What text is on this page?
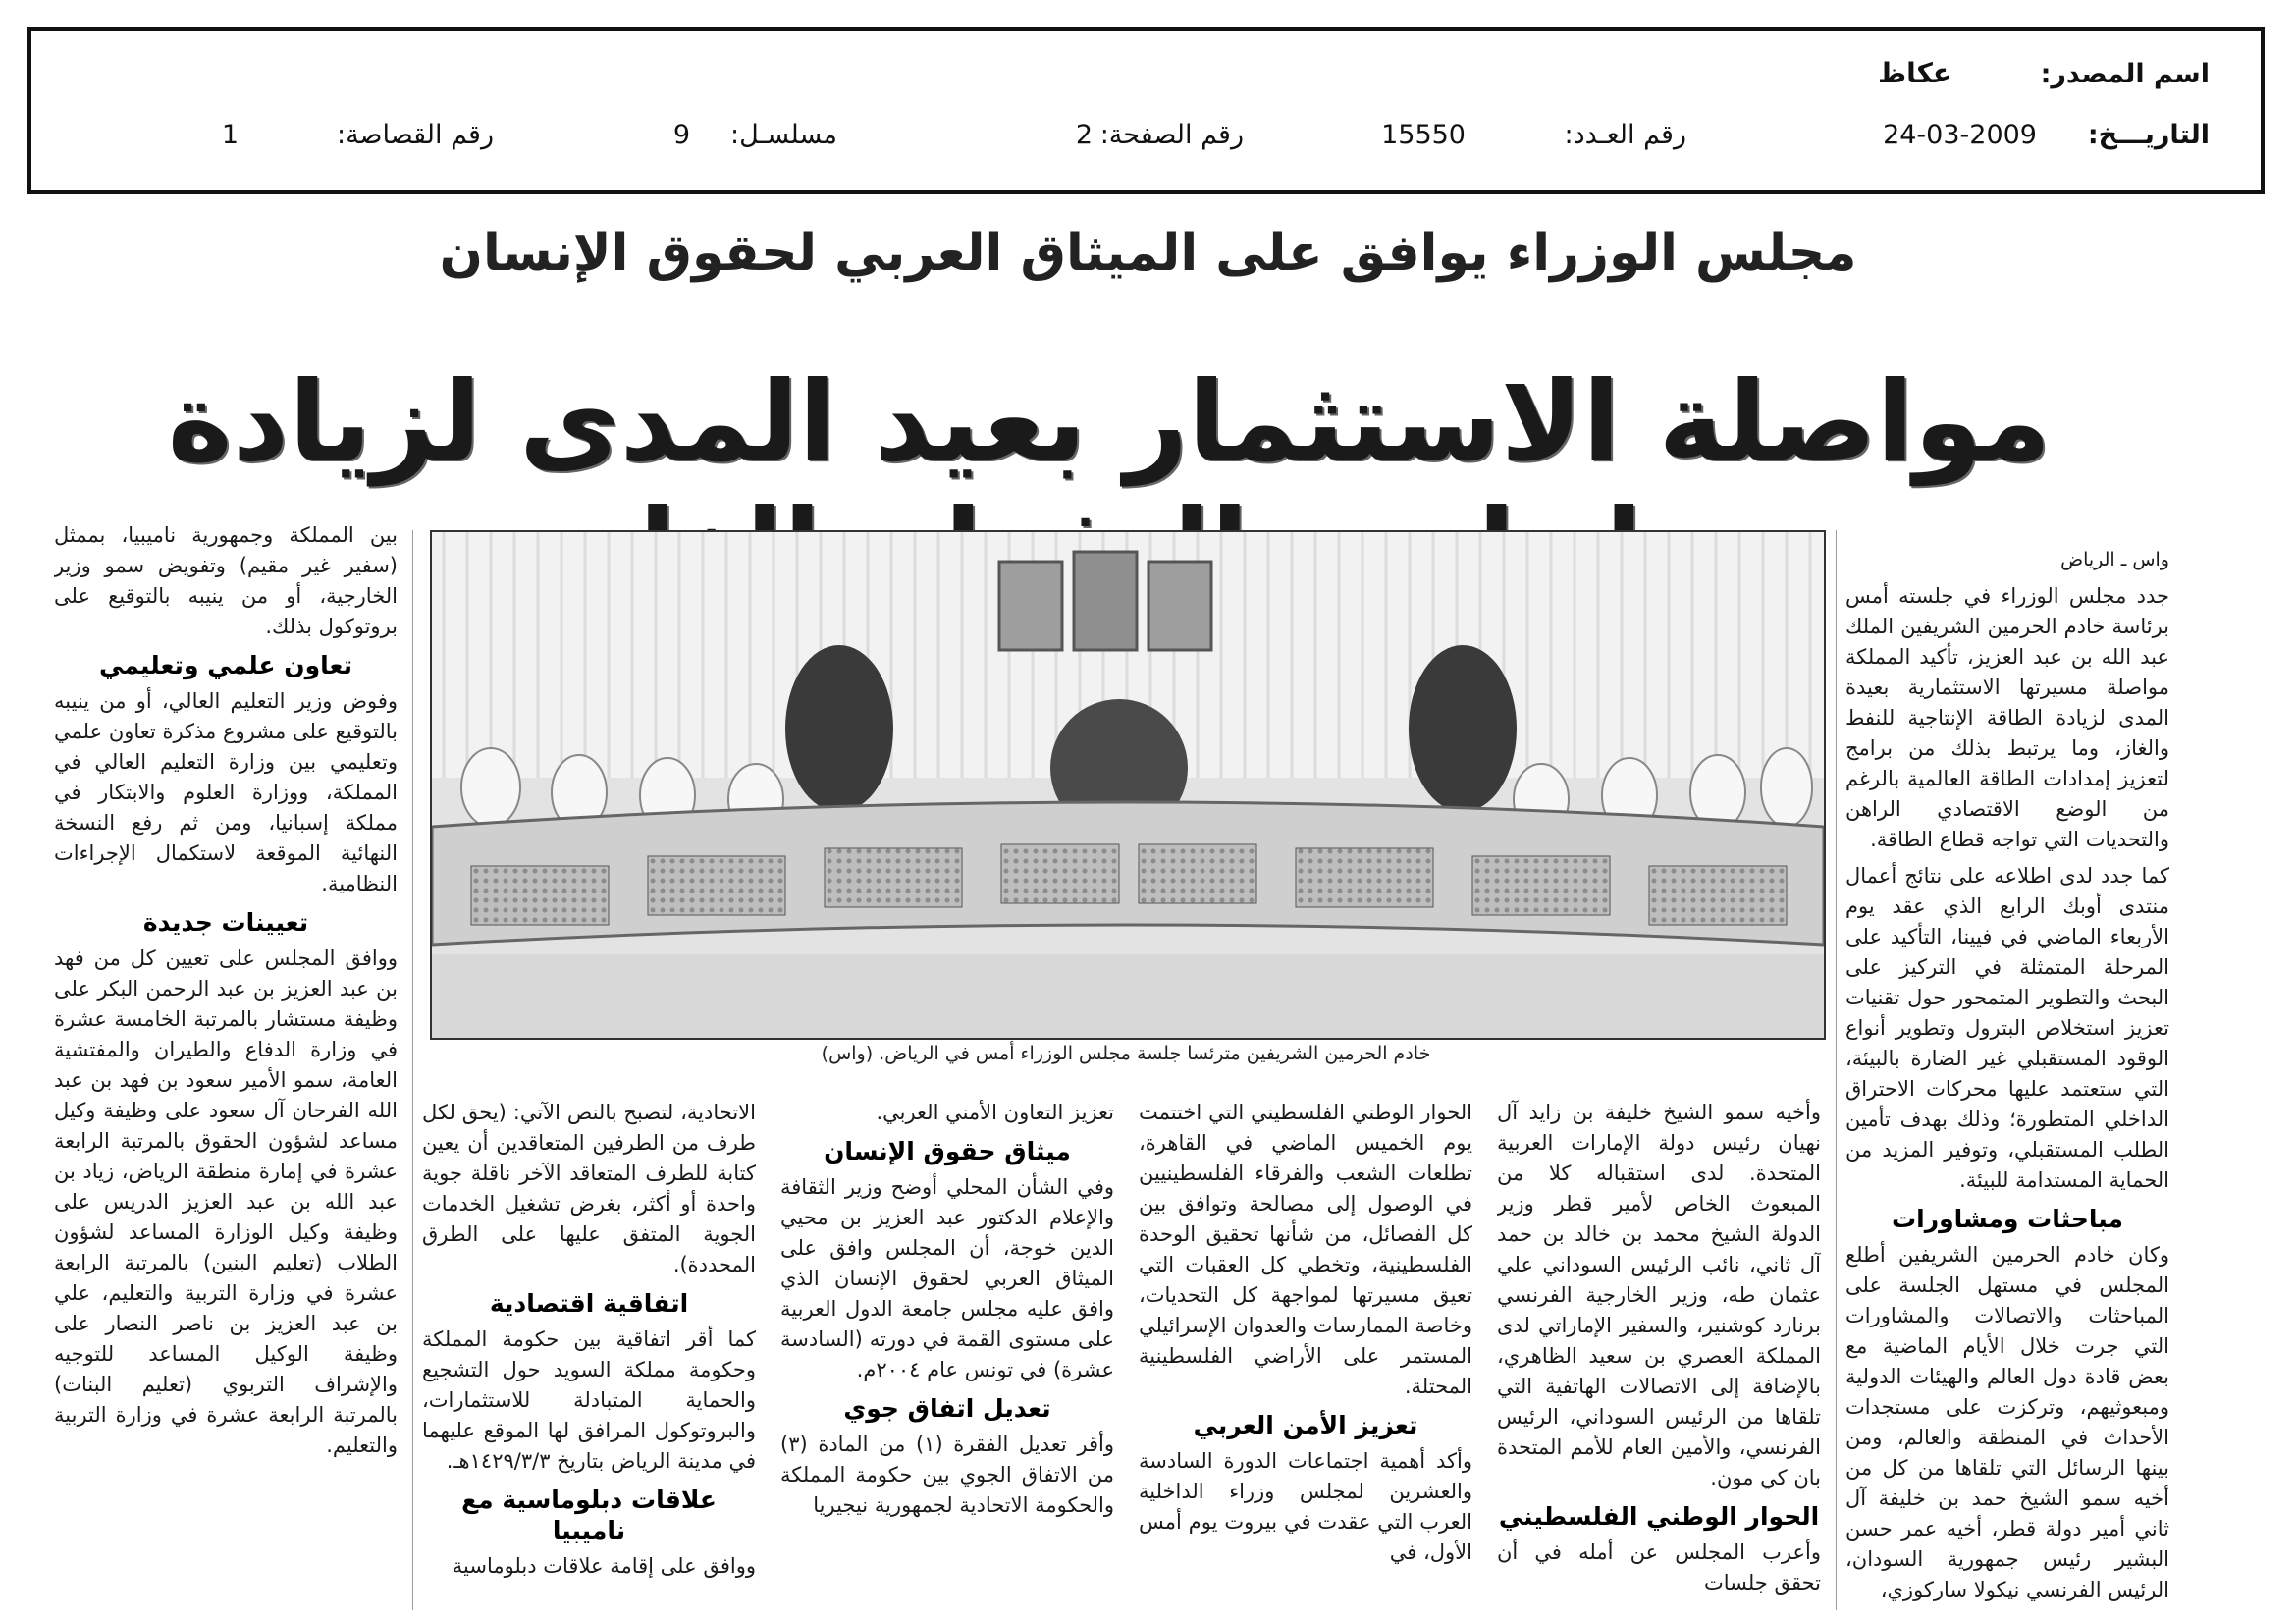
اسم المصدر:
عكاظ
التاريـــخ:
24-03-2009
رقم العـدد:
15550
رقم الصفحة:
2
مسلسـل:
9
رقم القصاصة:
1
مجلس الوزراء يوافق على الميثاق العربي لحقوق الإنسان
مواصلة الاستثمار بعيد المدى لزيادة
خادم الحرمين الشريفين مترئسا جلسة مجلس الوزراء أمس في الرياض. (واس)

واس ـ الرياض

جدد مجلس الوزراء في جلسته أمس برئاسة خادم الحرمين الشريفين الملك عبد الله بن عبد العزيز، تأكيد المملكة مواصلة مسيرتها الاستثمارية بعيدة المدى لزيادة الطاقة الإنتاجية للنفط والغاز، وما يرتبط بذلك من برامج لتعزيز إمدادات الطاقة العالمية بالرغم من الوضع الاقتصادي الراهن والتحديات التي تواجه قطاع الطاقة.

كما جدد لدى اطلاعه على نتائج أعمال منتدى أوبك الرابع الذي عقد يوم الأربعاء الماضي في فيينا، التأكيد على المرحلة المتمثلة في التركيز على البحث والتطوير المتمحور حول تقنيات تعزيز استخلاص البترول وتطوير أنواع الوقود المستقبلي غير الضارة بالبيئة، التي ستعتمد عليها محركات الاحتراق الداخلي المتطورة؛ وذلك بهدف تأمين الطلب المستقبلي، وتوفير المزيد من الحماية المستدامة للبيئة.

مباحثات ومشاورات

وكان خادم الحرمين الشريفين أطلع المجلس في مستهل الجلسة على المباحثات والاتصالات والمشاورات التي جرت خلال الأيام الماضية مع بعض قادة دول العالم والهيئات الدولية ومبعوثيهم، وتركزت على مستجدات الأحداث في المنطقة والعالم، ومن بينها الرسائل التي تلقاها من كل من أخيه سمو الشيخ حمد بن خليفة آل ثاني أمير دولة قطر، أخيه عمر حسن البشير رئيس جمهورية السودان، الرئيس الفرنسي نيكولا ساركوزي،

وأخيه سمو الشيخ خليفة بن زايد آل نهيان رئيس دولة الإمارات العربية المتحدة. لدى استقباله كلا من المبعوث الخاص لأمير قطر وزير الدولة الشيخ محمد بن خالد بن حمد آل ثاني، نائب الرئيس السوداني علي عثمان طه، وزير الخارجية الفرنسي برنارد كوشنير، والسفير الإماراتي لدى المملكة العصري بن سعيد الظاهري، بالإضافة إلى الاتصالات الهاتفية التي تلقاها من الرئيس السوداني، الرئيس الفرنسي، والأمين العام للأمم المتحدة بان كي مون.

الحوار الوطني الفلسطيني

وأعرب المجلس عن أمله في أن تحقق جلسات

الحوار الوطني الفلسطيني التي اختتمت يوم الخميس الماضي في القاهرة، تطلعات الشعب والفرقاء الفلسطينيين في الوصول إلى مصالحة وتوافق بين كل الفصائل، من شأنها تحقيق الوحدة الفلسطينية، وتخطي كل العقبات التي تعيق مسيرتها لمواجهة كل التحديات، وخاصة الممارسات والعدوان الإسرائيلي المستمر على الأراضي الفلسطينية المحتلة.

تعزيز الأمن العربي

وأكد أهمية اجتماعات الدورة السادسة والعشرين لمجلس وزراء الداخلية العرب التي عقدت في بيروت يوم أمس الأول، في

تعزيز التعاون الأمني العربي.

ميثاق حقوق الإنسان

وفي الشأن المحلي أوضح وزير الثقافة والإعلام الدكتور عبد العزيز بن محيي الدين خوجة، أن المجلس وافق على الميثاق العربي لحقوق الإنسان الذي وافق عليه مجلس جامعة الدول العربية على مستوى القمة في دورته (السادسة عشرة) في تونس عام ٢٠٠٤م.

تعديل اتفاق جوي

وأقر تعديل الفقرة (١) من المادة (٣) من الاتفاق الجوي بين حكومة المملكة والحكومة الاتحادية لجمهورية نيجيريا

الاتحادية، لتصبح بالنص الآتي: (يحق لكل طرف من الطرفين المتعاقدين أن يعين كتابة للطرف المتعاقد الآخر ناقلة جوية واحدة أو أكثر، بغرض تشغيل الخدمات الجوية المتفق عليها على الطرق المحددة).

اتفاقية اقتصادية

كما أقر اتفاقية بين حكومة المملكة وحكومة مملكة السويد حول التشجيع والحماية المتبادلة للاستثمارات، والبروتوكول المرافق لها الموقع عليهما في مدينة الرياض بتاريخ ١٤٢٩/٣/٣هـ.

علاقات دبلوماسية مع ناميبيا

ووافق على إقامة علاقات دبلوماسية

بين المملكة وجمهورية ناميبيا، بممثل (سفير غير مقيم) وتفويض سمو وزير الخارجية، أو من ينيبه بالتوقيع على بروتوكول بذلك.

تعاون علمي وتعليمي

وفوض وزير التعليم العالي، أو من ينيبه بالتوقيع على مشروع مذكرة تعاون علمي وتعليمي بين وزارة التعليم العالي في المملكة، ووزارة العلوم والابتكار في مملكة إسبانيا، ومن ثم رفع النسخة النهائية الموقعة لاستكمال الإجراءات النظامية.

تعيينات جديدة

ووافق المجلس على تعيين كل من فهد بن عبد العزيز بن عبد الرحمن البكر على وظيفة مستشار بالمرتبة الخامسة عشرة في وزارة الدفاع والطيران والمفتشية العامة، سمو الأمير سعود بن فهد بن عبد الله الفرحان آل سعود على وظيفة وكيل مساعد لشؤون الحقوق بالمرتبة الرابعة عشرة في إمارة منطقة الرياض، زياد بن عبد الله بن عبد العزيز الدريس على وظيفة وكيل الوزارة المساعد لشؤون الطلاب (تعليم البنين) بالمرتبة الرابعة عشرة في وزارة التربية والتعليم، علي بن عبد العزيز بن ناصر النصار على وظيفة الوكيل المساعد للتوجيه والإشراف التربوي (تعليم البنات) بالمرتبة الرابعة عشرة في وزارة التربية والتعليم.
